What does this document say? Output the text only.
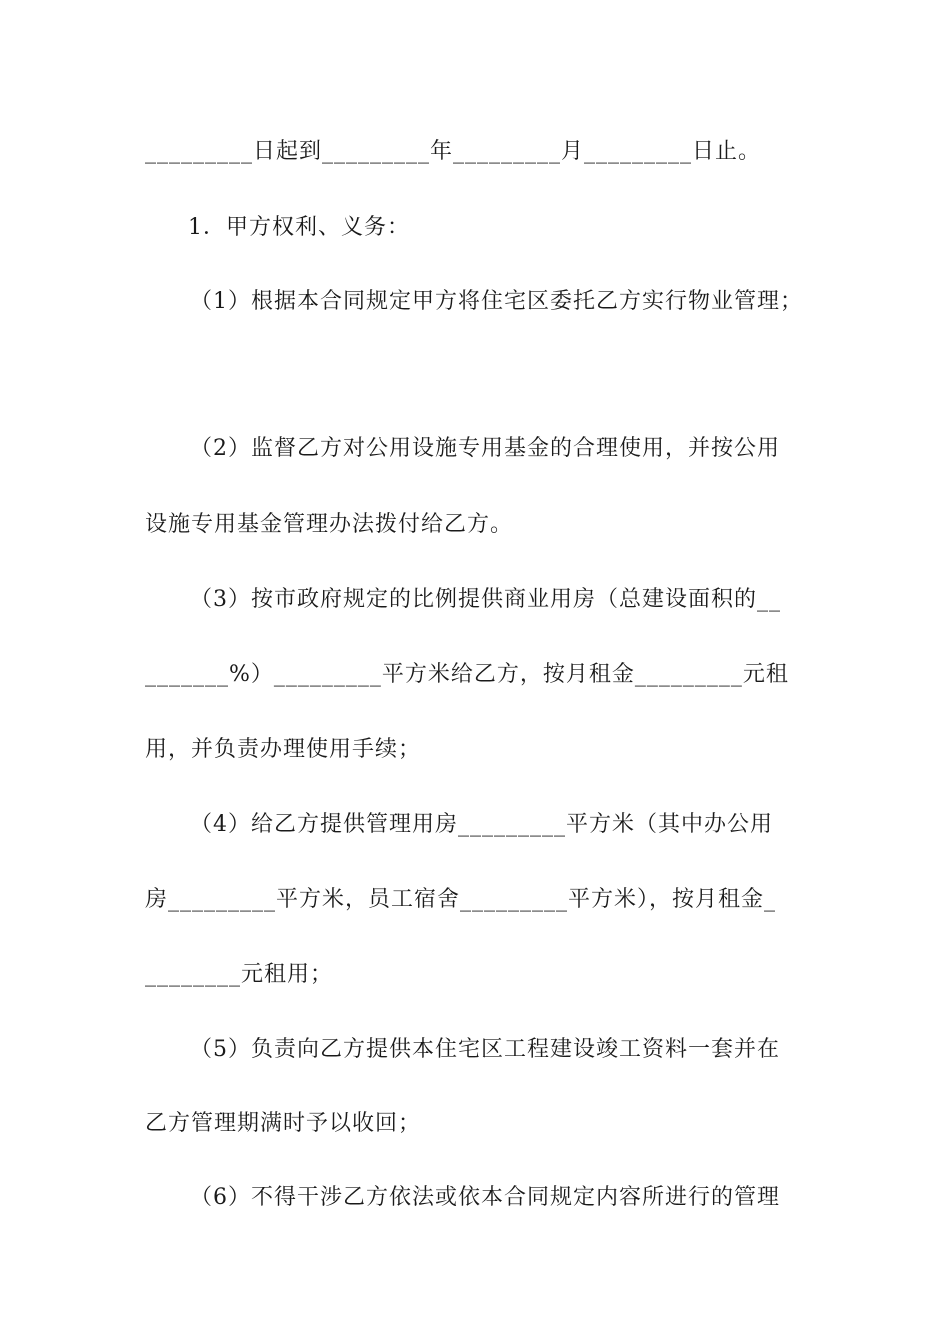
_________日起到_________年_________月_________日止。
1．甲方权利、义务：
（1）根据本合同规定甲方将住宅区委托乙方实行物业管理；
（2）监督乙方对公用设施专用基金的合理使用，并按公用
设施专用基金管理办法拨付给乙方。
（3）按市政府规定的比例提供商业用房（总建设面积的__
_______%）_________平方米给乙方，按月租金_________元租
用，并负责办理使用手续；
（4）给乙方提供管理用房_________平方米（其中办公用
房_________平方米，员工宿舍_________平方米），按月租金_
________元租用；
（5）负责向乙方提供本住宅区工程建设竣工资料一套并在
乙方管理期满时予以收回；
（6）不得干涉乙方依法或依本合同规定内容所进行的管理
